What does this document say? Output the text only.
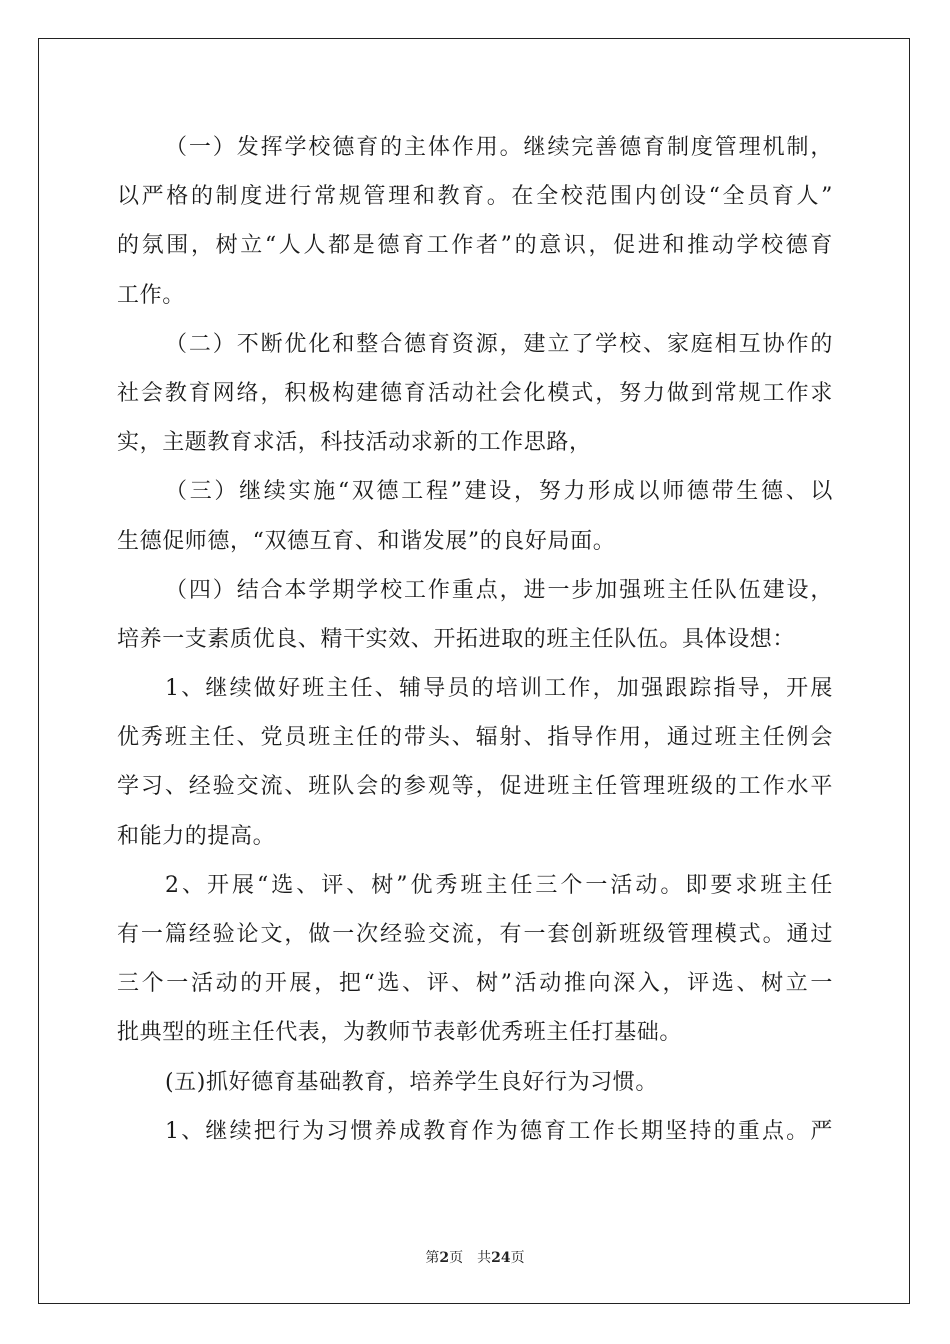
（一）发挥学校德育的主体作用。继续完善德育制度管理机制，
以严格的制度进行常规管理和教育。在全校范围内创设“全员育人”
的氛围，树立“人人都是德育工作者”的意识，促进和推动学校德育
工作。
（二）不断优化和整合德育资源，建立了学校、家庭相互协作的
社会教育网络，积极构建德育活动社会化模式，努力做到常规工作求
实，主题教育求活，科技活动求新的工作思路，
（三）继续实施“双德工程”建设，努力形成以师德带生德、以
生德促师德，“双德互育、和谐发展”的良好局面。
（四）结合本学期学校工作重点，进一步加强班主任队伍建设，
培养一支素质优良、精干实效、开拓进取的班主任队伍。具体设想：
1、继续做好班主任、辅导员的培训工作，加强跟踪指导，开展
优秀班主任、党员班主任的带头、辐射、指导作用，通过班主任例会
学习、经验交流、班队会的参观等，促进班主任管理班级的工作水平
和能力的提高。
2、开展“选、评、树”优秀班主任三个一活动。即要求班主任
有一篇经验论文，做一次经验交流，有一套创新班级管理模式。通过
三个一活动的开展，把“选、评、树”活动推向深入，评选、树立一
批典型的班主任代表，为教师节表彰优秀班主任打基础。
(五)抓好德育基础教育，培养学生良好行为习惯。
1、继续把行为习惯养成教育作为德育工作长期坚持的重点。严
第2页　共24页
